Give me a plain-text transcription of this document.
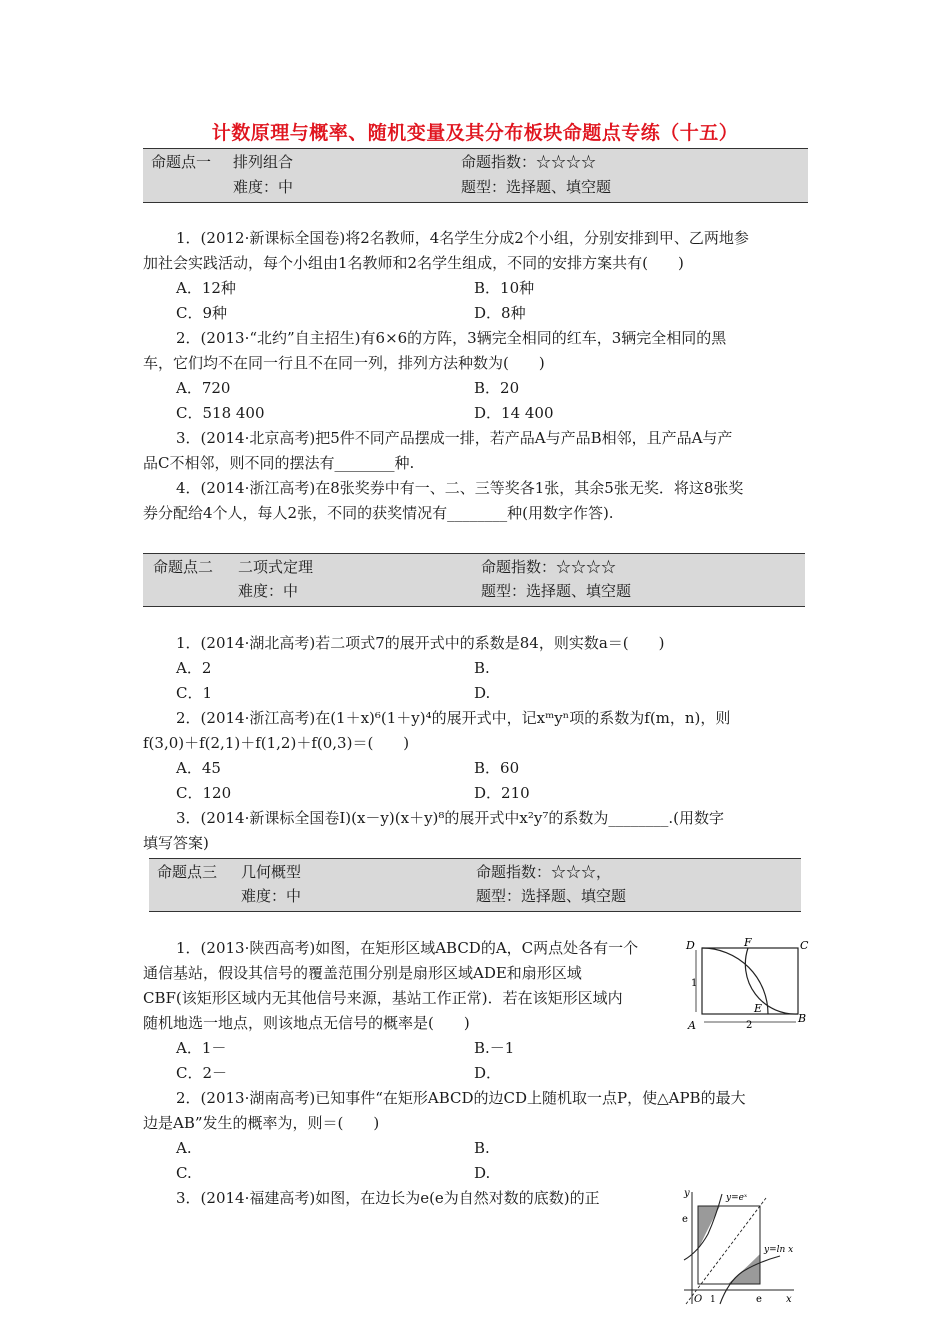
计数原理与概率、随机变量及其分布板块命题点专练（十五）
命题点一 排列组合	命题指数：☆☆☆☆
难度：中	题型：选择题、填空题
1．(2012·新课标全国卷)将2名教师，4名学生分成2个小组，分别安排到甲、乙两地参
加社会实践活动，每个小组由1名教师和2名学生组成，不同的安排方案共有(　　)
A．12种	B．10种
C．9种	D．8种
2．(2013·“北约”自主招生)有6×6的方阵，3辆完全相同的红车，3辆完全相同的黑
车，它们均不在同一行且不在同一列，排列方法种数为(　　)
A．720	B．20
C．518 400	D．14 400
3．(2014·北京高考)把5件不同产品摆成一排，若产品A与产品B相邻，且产品A与产
品C不相邻，则不同的摆法有________种.
4．(2014·浙江高考)在8张奖券中有一、二、三等奖各1张，其余5张无奖．将这8张奖
券分配给4个人，每人2张，不同的获奖情况有________种(用数字作答).
命题点二 二项式定理	命题指数：☆☆☆☆
难度：中	题型：选择题、填空题
1．(2014·湖北高考)若二项式7的展开式中的系数是84，则实数a＝(　　)
A．2	B.
C．1	D.
2．(2014·浙江高考)在(1＋x)⁶(1＋y)⁴的展开式中，记xᵐyⁿ项的系数为f(m，n)，则
f(3,0)＋f(2,1)＋f(1,2)＋f(0,3)＝(　　)
A．45	B．60
C．120	D．210
3．(2014·新课标全国卷Ⅰ)(x－y)(x＋y)⁸的展开式中x²y⁷的系数为________.(用数字
填写答案)
命题点三 几何概型	命题指数：☆☆☆，
难度：中	题型：选择题、填空题
1．(2013·陕西高考)如图，在矩形区域ABCD的A，C两点处各有一个
通信基站，假设其信号的覆盖范围分别是扇形区域ADE和扇形区域
CBF(该矩形区域内无其他信号来源，基站工作正常)．若在该矩形区域内
随机地选一地点，则该地点无信号的概率是(　　)
A．1－	B.－1
C．2－	D．
2．(2013·湖南高考)已知事件“在矩形ABCD的边CD上随机取一点P，使△APB的最大
边是AB”发生的概率为，则＝(　　)
A.	B.
C.	D.
3．(2014·福建高考)如图，在边长为e(e为自然对数的底数)的正
D	F	C
1
E
A	2
B
y	y=eˣ
e
y=ln x
O 1	e x
